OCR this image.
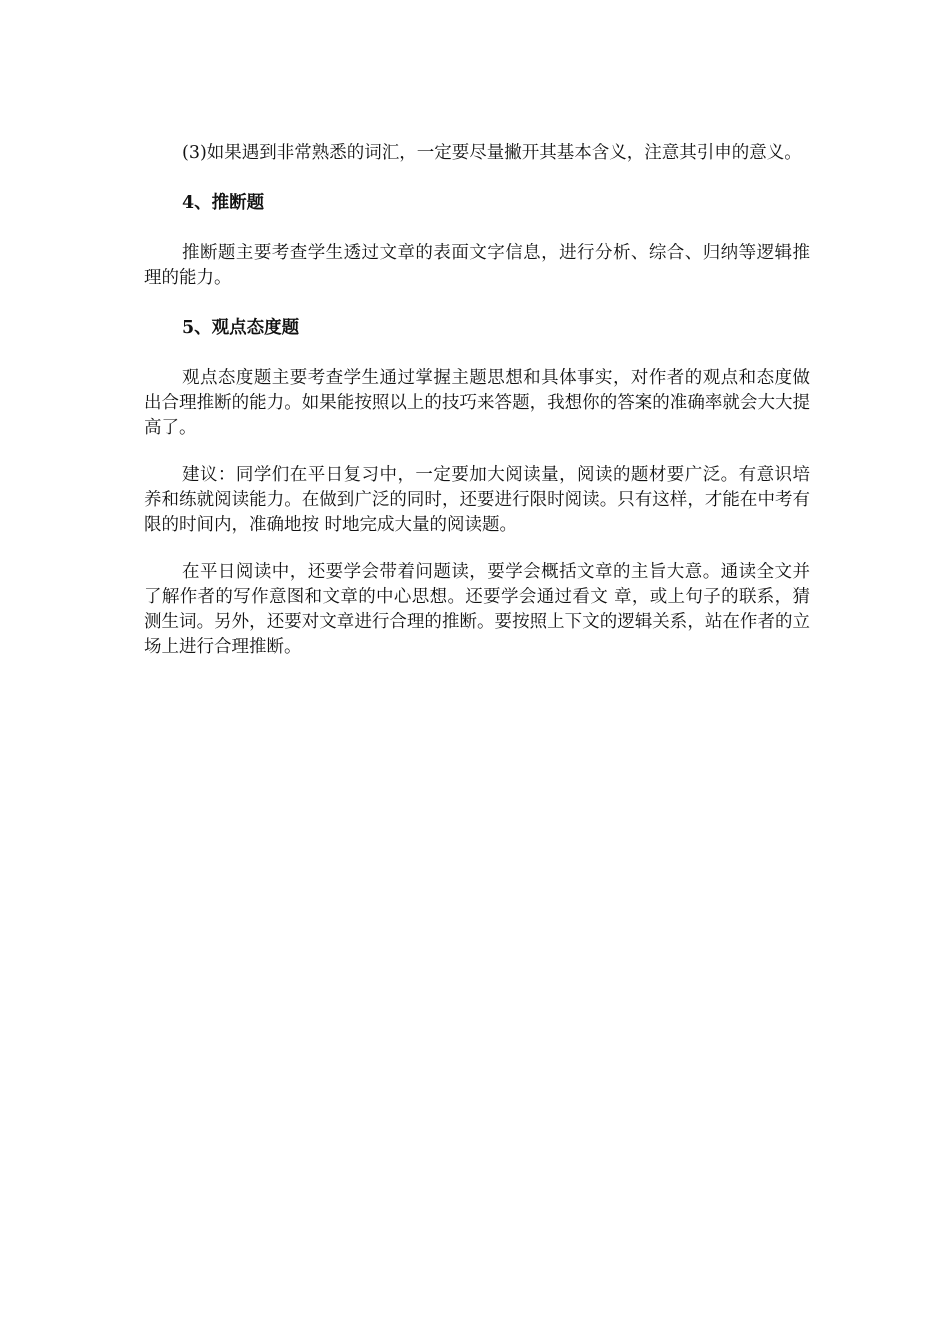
(3)如果遇到非常熟悉的词汇，一定要尽量撇开其基本含义，注意其引申的意义。

4、推断题

推断题主要考查学生透过文章的表面文字信息，进行分析、综合、归纳等逻辑推理的能力。

5、观点态度题

观点态度题主要考查学生通过掌握主题思想和具体事实，对作者的观点和态度做出合理推断的能力。如果能按照以上的技巧来答题，我想你的答案的准确率就会大大提高了。

建议：同学们在平日复习中，一定要加大阅读量，阅读的题材要广泛。有意识培养和练就阅读能力。在做到广泛的同时，还要进行限时阅读。只有这样，才能在中考有限的时间内，准确地按 时地完成大量的阅读题。

在平日阅读中，还要学会带着问题读，要学会概括文章的主旨大意。通读全文并了解作者的写作意图和文章的中心思想。还要学会通过看文 章，或上句子的联系，猜测生词。另外，还要对文章进行合理的推断。要按照上下文的逻辑关系，站在作者的立场上进行合理推断。
